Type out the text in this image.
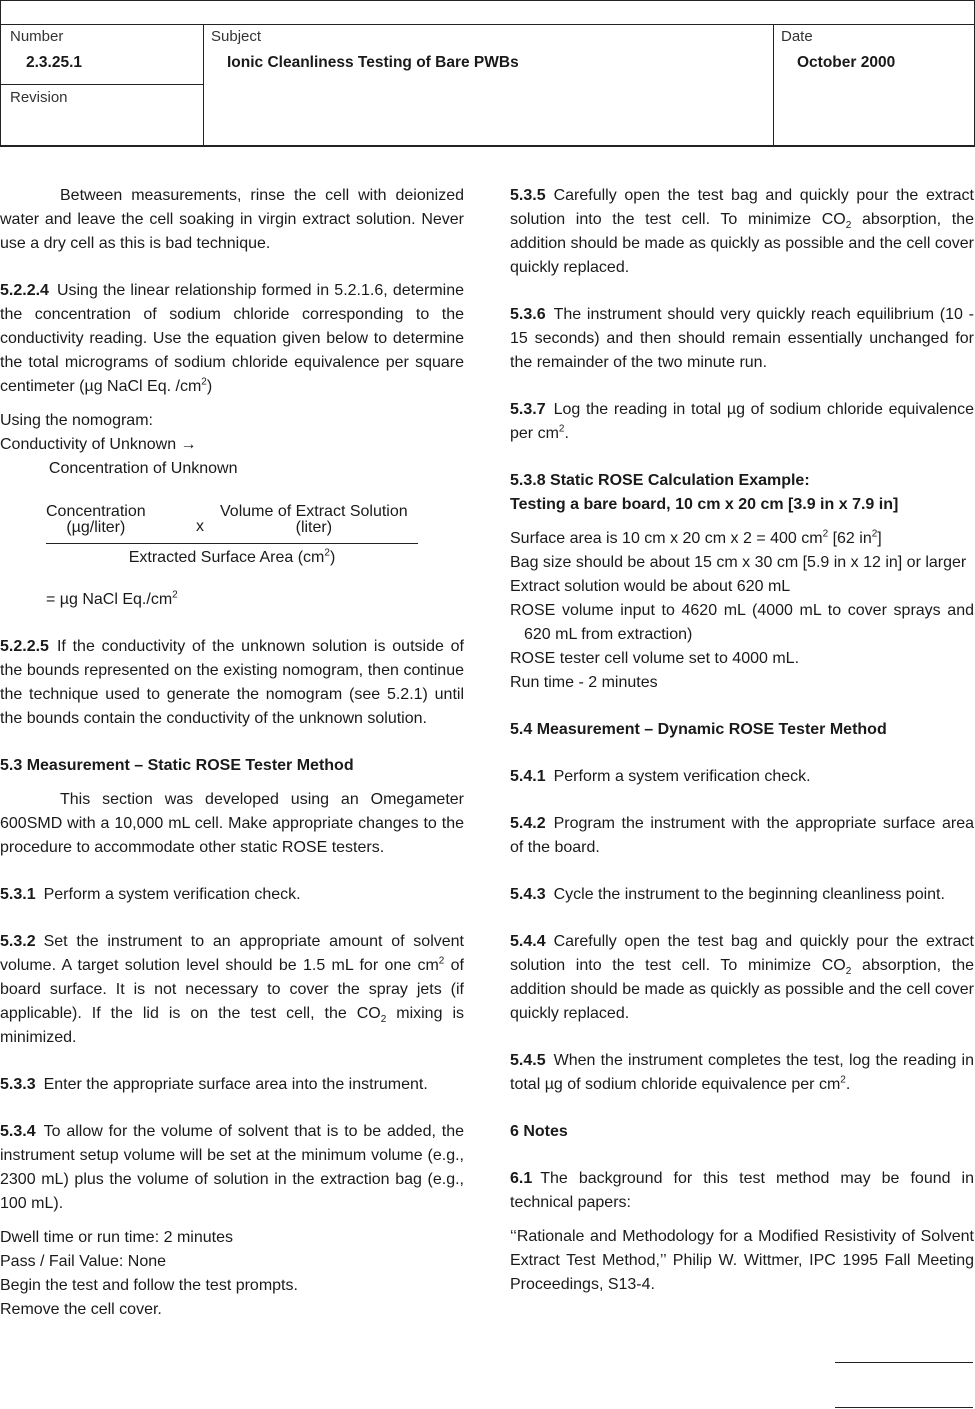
Number
2.3.25.1
Revision
Subject
Ionic Cleanliness Testing of Bare PWBs
Date
October 2000
Between measurements, rinse the cell with deionized water and leave the cell soaking in virgin extract solution. Never use a dry cell as this is bad technique.
5.2.2.4 Using the linear relationship formed in 5.2.1.6, determine the concentration of sodium chloride corresponding to the conductivity reading. Use the equation given below to determine the total micrograms of sodium chloride equivalence per square centimeter (µg NaCl Eq. $/cm^2$)
Using the nomogram:
Conductivity of Unknown →
Concentration of Unknown
Concentration
(µg/liter)	x
Volume of Extract Solution
(liter)
Extracted Surface Area $(cm^2)$
= µg NaCl $Eq./cm^2$
5.2.2.5 If the conductivity of the unknown solution is outside of the bounds represented on the existing nomogram, then continue the technique used to generate the nomogram (see 5.2.1) until the bounds contain the conductivity of the unknown solution.
5.3 Measurement – Static ROSE Tester Method
This section was developed using an Omegameter 600SMD with a 10,000 mL cell. Make appropriate changes to the procedure to accommodate other static ROSE testers.
5.3.1 Perform a system verification check.
5.3.2 Set the instrument to an appropriate amount of solvent volume. A target solution level should be 1.5 mL for one $cm^2$ of board surface. It is not necessary to cover the spray jets (if applicable). If the lid is on the test cell, the $CO_2$ mixing is minimized.
5.3.3 Enter the appropriate surface area into the instrument.
5.3.4 To allow for the volume of solvent that is to be added, the instrument setup volume will be set at the minimum volume (e.g., 2300 mL) plus the volume of solution in the extraction bag (e.g., 100 mL).
Dwell time or run time: 2 minutes
Pass / Fail Value: None
Begin the test and follow the test prompts.
Remove the cell cover.
5.3.5 Carefully open the test bag and quickly pour the extract solution into the test cell. To minimize $CO_2$ absorption, the addition should be made as quickly as possible and the cell cover quickly replaced.
5.3.6 The instrument should very quickly reach equilibrium (10 - 15 seconds) and then should remain essentially unchanged for the remainder of the two minute run.
5.3.7 Log the reading in total µg of sodium chloride equivalence per $cm^2$.
5.3.8 Static ROSE Calculation Example:
Testing a bare board, 10 cm x 20 cm [3.9 in x 7.9 in]
Surface area is 10 cm x 20 cm x 2 = 400 $cm^2$ [62 $in^2$]
Bag size should be about 15 cm x 30 cm [5.9 in x 12 in] or larger
Extract solution would be about 620 mL
ROSE volume input to 4620 mL (4000 mL to cover sprays and 620 mL from extraction)
ROSE tester cell volume set to 4000 mL.
Run time - 2 minutes
5.4 Measurement – Dynamic ROSE Tester Method
5.4.1 Perform a system verification check.
5.4.2 Program the instrument with the appropriate surface area of the board.
5.4.3 Cycle the instrument to the beginning cleanliness point.
5.4.4 Carefully open the test bag and quickly pour the extract solution into the test cell. To minimize $CO_2$ absorption, the addition should be made as quickly as possible and the cell cover quickly replaced.
5.4.5 When the instrument completes the test, log the reading in total µg of sodium chloride equivalence per $cm^2$.
6 Notes
6.1 The background for this test method may be found in technical papers:
‘‘Rationale and Methodology for a Modified Resistivity of Solvent Extract Test Method,’’ Philip W. Wittmer, IPC 1995 Fall Meeting Proceedings, S13-4.
